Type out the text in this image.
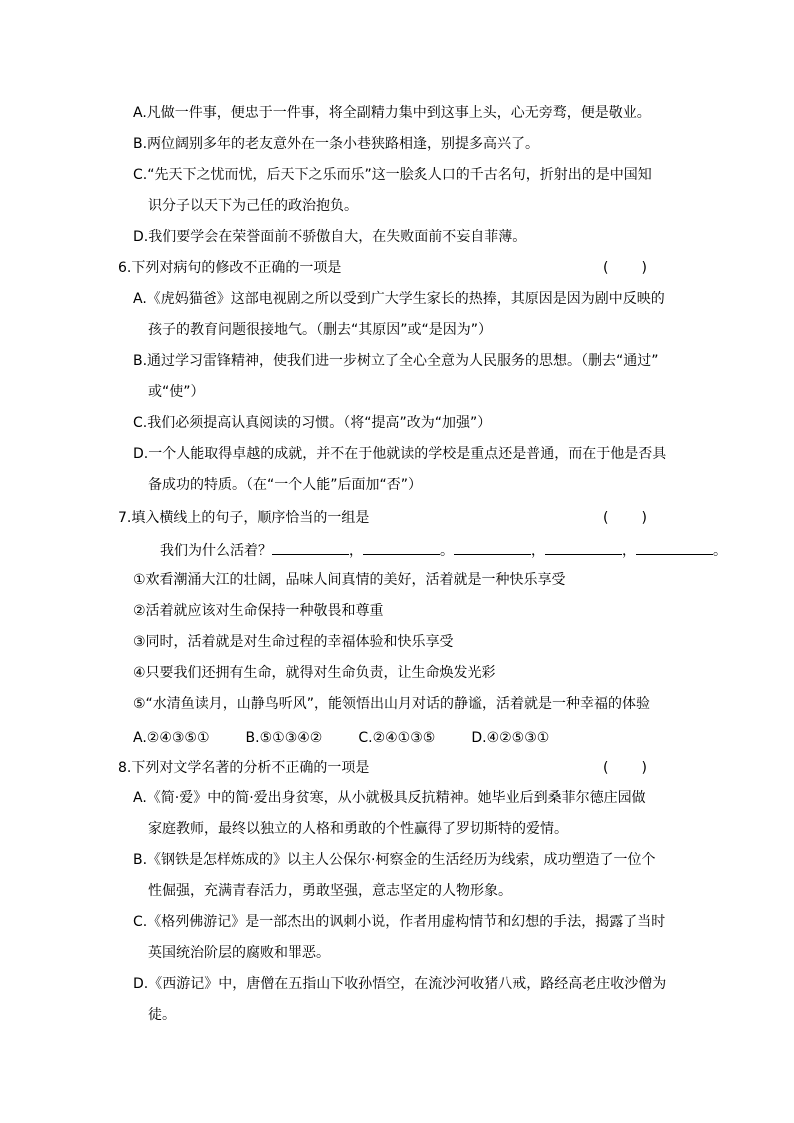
A.凡做一件事，便忠于一件事，将全副精力集中到这事上头，心无旁骛，便是敬业。
B.两位阔别多年的老友意外在一条小巷狭路相逢，别提多高兴了。
C.“先天下之忧而忧，后天下之乐而乐”这一脍炙人口的千古名句，折射出的是中国知
识分子以天下为己任的政治抱负。
D.我们要学会在荣誉面前不骄傲自大，在失败面前不妄自菲薄。
6.下列对病句的修改不正确的一项是	( )
A.《虎妈猫爸》这部电视剧之所以受到广大学生家长的热捧，其原因是因为剧中反映的
孩子的教育问题很接地气。（删去“其原因”或“是因为”）
B.通过学习雷锋精神，使我们进一步树立了全心全意为人民服务的思想。（删去“通过”
或“使”）
C.我们必须提高认真阅读的习惯。（将“提高”改为“加强”）
D.一个人能取得卓越的成就，并不在于他就读的学校是重点还是普通，而在于他是否具
备成功的特质。（在“一个人能”后面加“否”）
7.填入横线上的句子，顺序恰当的一组是	( )
我们为什么活着？	，	。	，	，	。
①欢看潮涌大江的壮阔，品味人间真情的美好，活着就是一种快乐享受
②活着就应该对生命保持一种敬畏和尊重
③同时，活着就是对生命过程的幸福体验和快乐享受
④只要我们还拥有生命，就得对生命负责，让生命焕发光彩
⑤“水清鱼读月，山静鸟听风”，能领悟出山月对话的静谧，活着就是一种幸福的体验
A.②④③⑤①	B.⑤①③④②	C.②④①③⑤	D.④②⑤③①
8.下列对文学名著的分析不正确的一项是	( )
A.《简·爱》中的简·爱出身贫寒，从小就极具反抗精神。她毕业后到桑菲尔德庄园做
家庭教师，最终以独立的人格和勇敢的个性赢得了罗切斯特的爱情。
B.《钢铁是怎样炼成的》以主人公保尔·柯察金的生活经历为线索，成功塑造了一位个
性倔强，充满青春活力，勇敢坚强，意志坚定的人物形象。
C.《格列佛游记》是一部杰出的讽刺小说，作者用虚构情节和幻想的手法，揭露了当时
英国统治阶层的腐败和罪恶。
D.《西游记》中，唐僧在五指山下收孙悟空，在流沙河收猪八戒，路经高老庄收沙僧为
徒。
